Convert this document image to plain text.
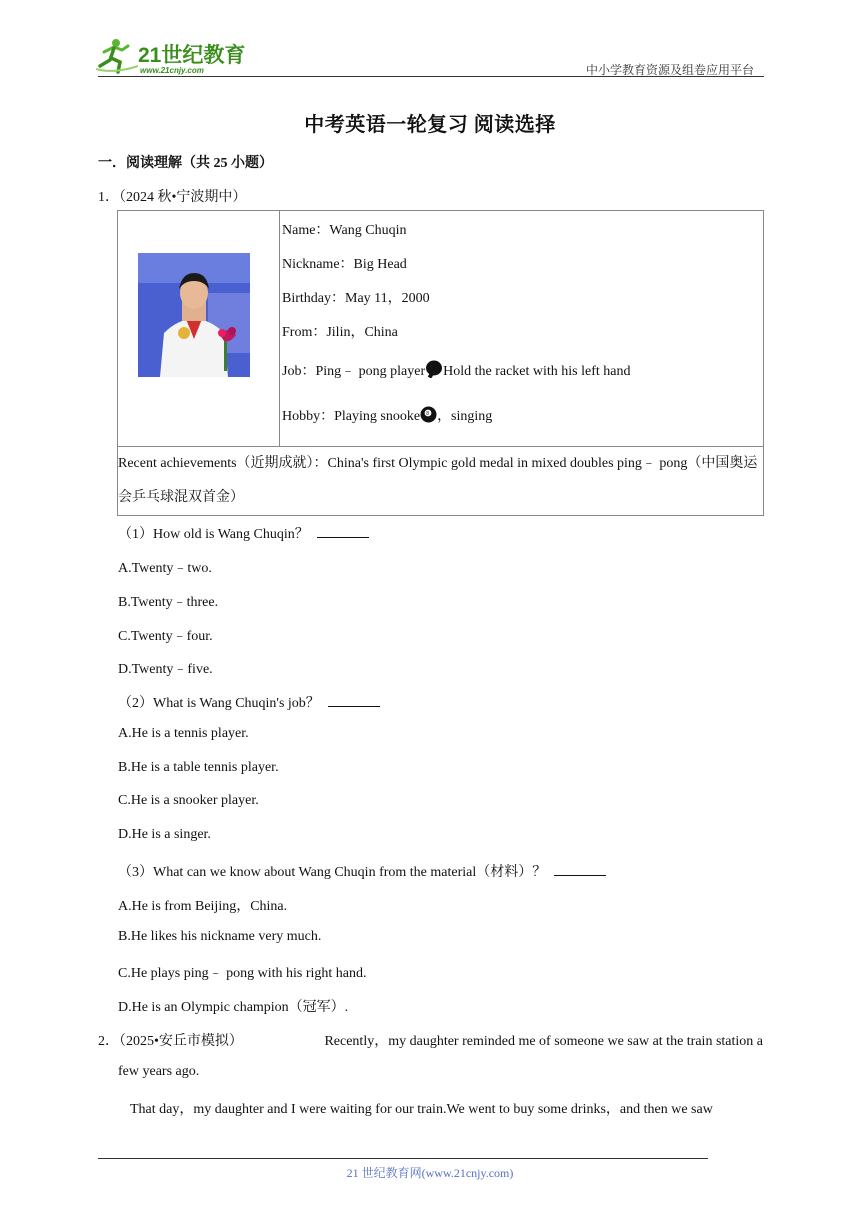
21世纪教育
www.21cnjy.com	中小学教育资源及组卷应用平台
中考英语一轮复习 阅读选择
一．阅读理解（共 25 小题）
1．（2024 秋•宁波期中）

Name：Wang Chuqin
Nickname：Big Head
Birthday：May 11，2000
From：Jilin，China
Job：Ping﹣ pong player Hold the racket with his left hand
Hobby：Playing snooke 8 ，singing

Recent achievements（近期成就）：China's first Olympic gold medal in mixed doubles ping﹣ pong（中国奥运会乒乓球混双首金）
（1）How old is Wang Chuqin？
A.Twenty﹣two.
B.Twenty﹣three.
C.Twenty﹣four.
D.Twenty﹣five.
（2）What is Wang Chuqin's job？
A.He is a tennis player.
B.He is a table tennis player.
C.He is a snooker player.
D.He is a singer.
（3）What can we know about Wang Chuqin from the material（材料）？
A.He is from Beijing，China.
B.He likes his nickname very much.
C.He plays ping﹣ pong with his right hand.
D.He is an Olympic champion（冠军）.
2．（2025•安丘市模拟）	Recently，my daughter reminded me of someone we saw at the train station a
few years ago.
That day，my daughter and I were waiting for our train.We went to buy some drinks，and then we saw
21 世纪教育网(www.21cnjy.com)
